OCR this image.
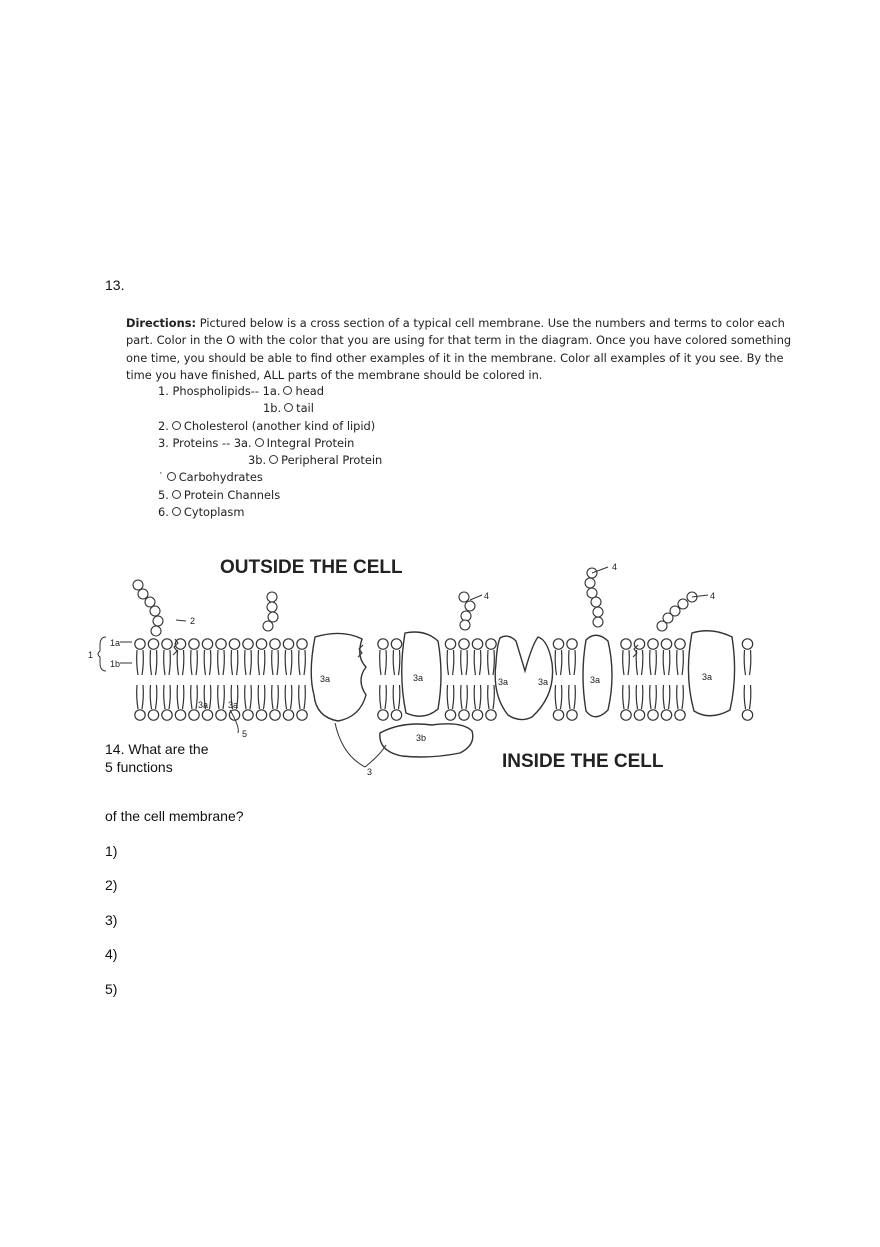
13.
Directions: Pictured below is a cross section of a typical cell membrane. Use the numbers and terms to color each part. Color in the O with the color that you are using for that term in the diagram. Once you have colored something one time, you should be able to find other examples of it in the membrane. Color all examples of it you see. By the time you have finished, ALL parts of the membrane should be colored in.
1. Phospholipids-- 1a. head
1b. tail
2. Cholesterol (another kind of lipid)
3. Proteins -- 3a. Integral Protein
3b. Peripheral Protein
˙ Carbohydrates
5. Protein Channels
6. Cytoplasm
OUTSIDE THE CELL
INSIDE THE CELL
1
1a
1b
2
4
4
4
5
3
3a 3a
3a	3a	3a	3a	3a	3a
3b
14. What are the
5 functions
of the cell membrane?
1)
2)
3)
4)
5)
